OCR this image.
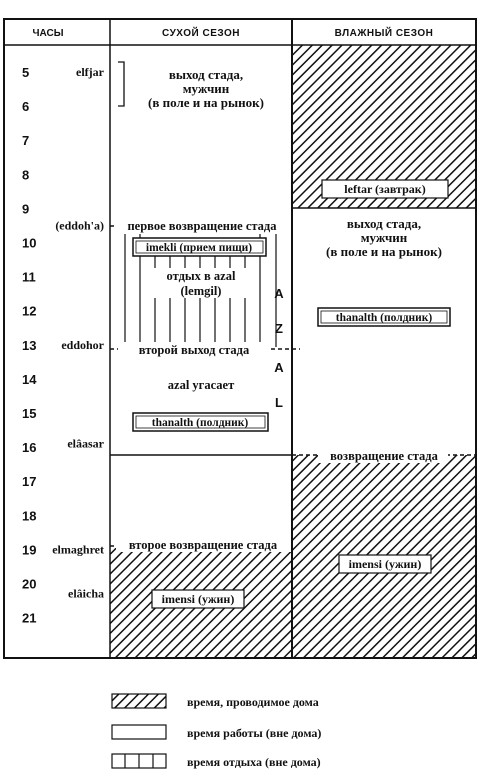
ЧАСЫ	СУХОЙ СЕЗОН	ВЛАЖНЫЙ СЕЗОН
5
6
7
8
9
10
11
12
13
14
15
16
17
18
19
20
21
elfjar
(eddoh'a)
eddohor
elâasar
elmaghret
elâicha
выход стада,
мужчин
(в поле и на рынок)
первое возвращение стада
imekli (прием пищи)
отдых в azal
(lemgil)	A
Z
A
L
второй выход стада
azal угасает
thanalth (полдник)
второе возвращение стада
imensi (ужин)
leftar (завтрак)
выход стада,
мужчин
(в поле и на рынок)
thanalth (полдник)
возвращение стада
imensi (ужин)
время, проводимое дома
время работы (вне дома)
время отдыха (вне дома)
